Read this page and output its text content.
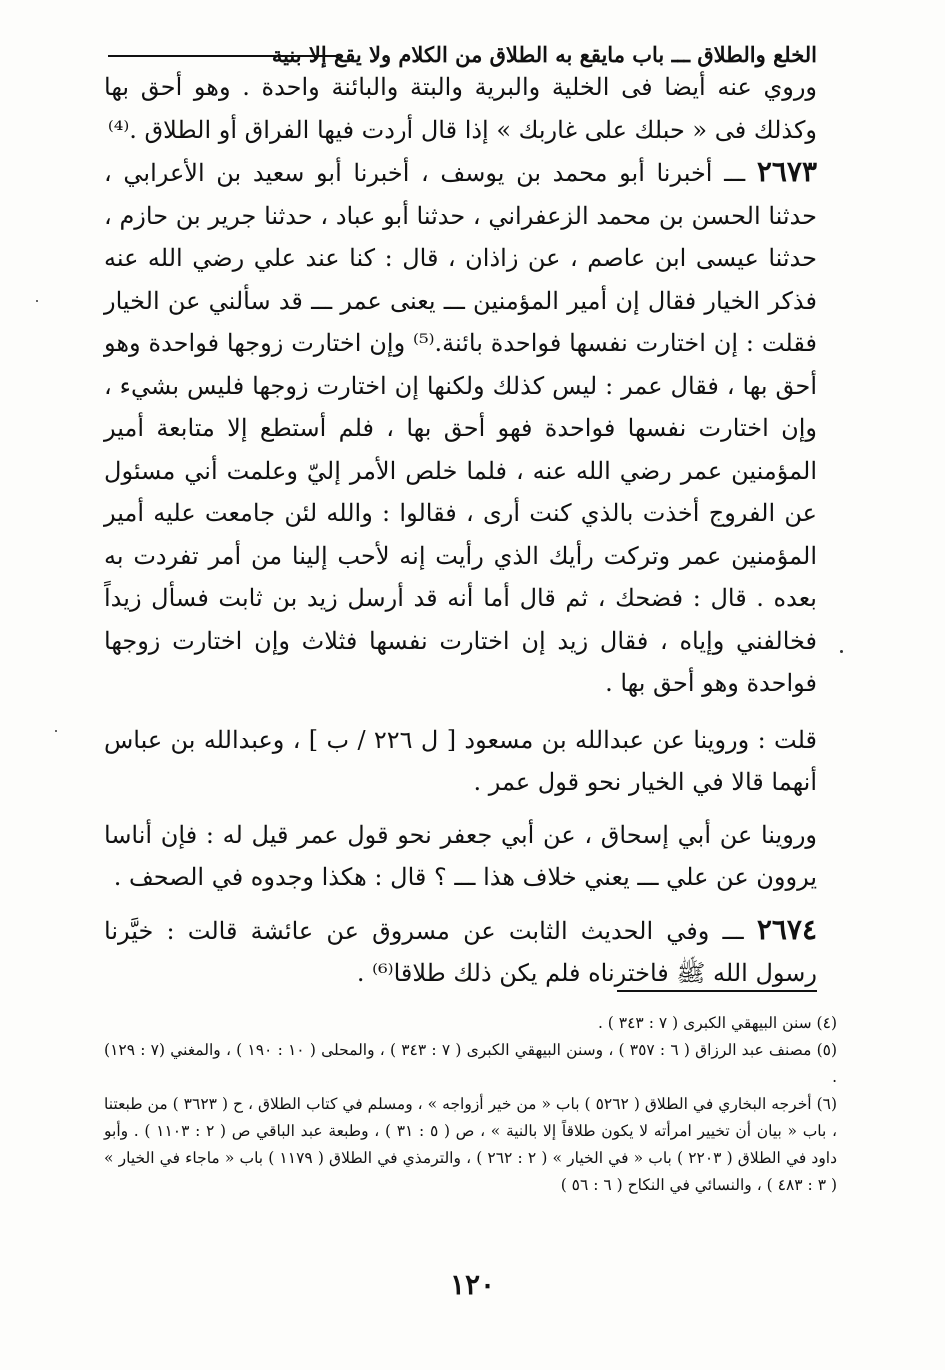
الخلع والطلاق ـــ باب مايقع به الطلاق من الكلام ولا يقع إلا بنية

وروي عنه أيضا فى الخلية والبرية والبتة والبائنة واحدة . وهو أحق بها وكذلك فى « حبلك على غاربك » إذا قال أردت فيها الفراق أو الطلاق .⁽⁴⁾

٢٦٧٣ ـــ أخبرنا أبو محمد بن يوسف ، أخبرنا أبو سعيد بن الأعرابي ، حدثنا الحسن بن محمد الزعفراني ، حدثنا أبو عباد ، حدثنا جرير بن حازم ، حدثنا عيسى ابن عاصم ، عن زاذان ، قال : كنا عند علي رضي الله عنه فذكر الخيار فقال إن أمير المؤمنين ـــ يعنى عمر ـــ قد سألني عن الخيار فقلت : إن اختارت نفسها فواحدة بائنة.⁽⁵⁾ وإن اختارت زوجها فواحدة وهو أحق بها ، فقال عمر : ليس كذلك ولكنها إن اختارت زوجها فليس بشيء ، وإن اختارت نفسها فواحدة فهو أحق بها ، فلم أستطع إلا متابعة أمير المؤمنين عمر رضي الله عنه ، فلما خلص الأمر إليّ وعلمت أني مسئول عن الفروج أخذت بالذي كنت أرى ، فقالوا : والله لئن جامعت عليه أمير المؤمنين عمر وتركت رأيك الذي رأيت إنه لأحب إلينا من أمر تفردت به بعده . قال : فضحك ، ثم قال أما أنه قد أرسل زيد بن ثابت فسأل زيداً فخالفني وإياه ، فقال زيد إن اختارت نفسها فثلاث وإن اختارت زوجها فواحدة وهو أحق بها .

قلت : وروينا عن عبدالله بن مسعود [ ل ٢٢٦ / ب ] ، وعبدالله بن عباس أنهما قالا في الخيار نحو قول عمر .

وروينا عن أبي إسحاق ، عن أبي جعفر نحو قول عمر قيل له : فإن أناسا يروون عن علي ـــ يعني خلاف هذا ـــ ؟ قال : هكذا وجدوه في الصحف .

٢٦٧٤ ـــ وفي الحديث الثابت عن مسروق عن عائشة قالت : خيَّرنا رسول الله ﷺ فاخترناه فلم يكن ذلك طلاقا⁽⁶⁾ .

(٤) سنن البيهقي الكبرى ( ٧ : ٣٤٣ ) .

(٥) مصنف عبد الرزاق ( ٦ : ٣٥٧ ) ، وسنن البيهقي الكبرى ( ٧ : ٣٤٣ ) ، والمحلى ( ١٠ : ١٩٠ ) ، والمغني (٧ : ١٢٩) .

(٦) أخرجه البخاري في الطلاق ( ٥٢٦٢ ) باب « من خير أزواجه » ، ومسلم في كتاب الطلاق ، ح ( ٣٦٢٣ ) من طبعتنا ، باب « بيان أن تخيير امرأته لا يكون طلاقاً إلا بالنية » ، ص ( ٥ : ٣١ ) ، وطبعة عبد الباقي ص ( ٢ : ١١٠٣ ) . وأبو داود في الطلاق ( ٢٢٠٣ ) باب « في الخيار » ( ٢ : ٢٦٢ ) ، والترمذي في الطلاق ( ١١٧٩ ) باب « ماجاء في الخيار » ( ٣ : ٤٨٣ ) ، والنسائي في النكاح ( ٦ : ٥٦ )

١٢٠
